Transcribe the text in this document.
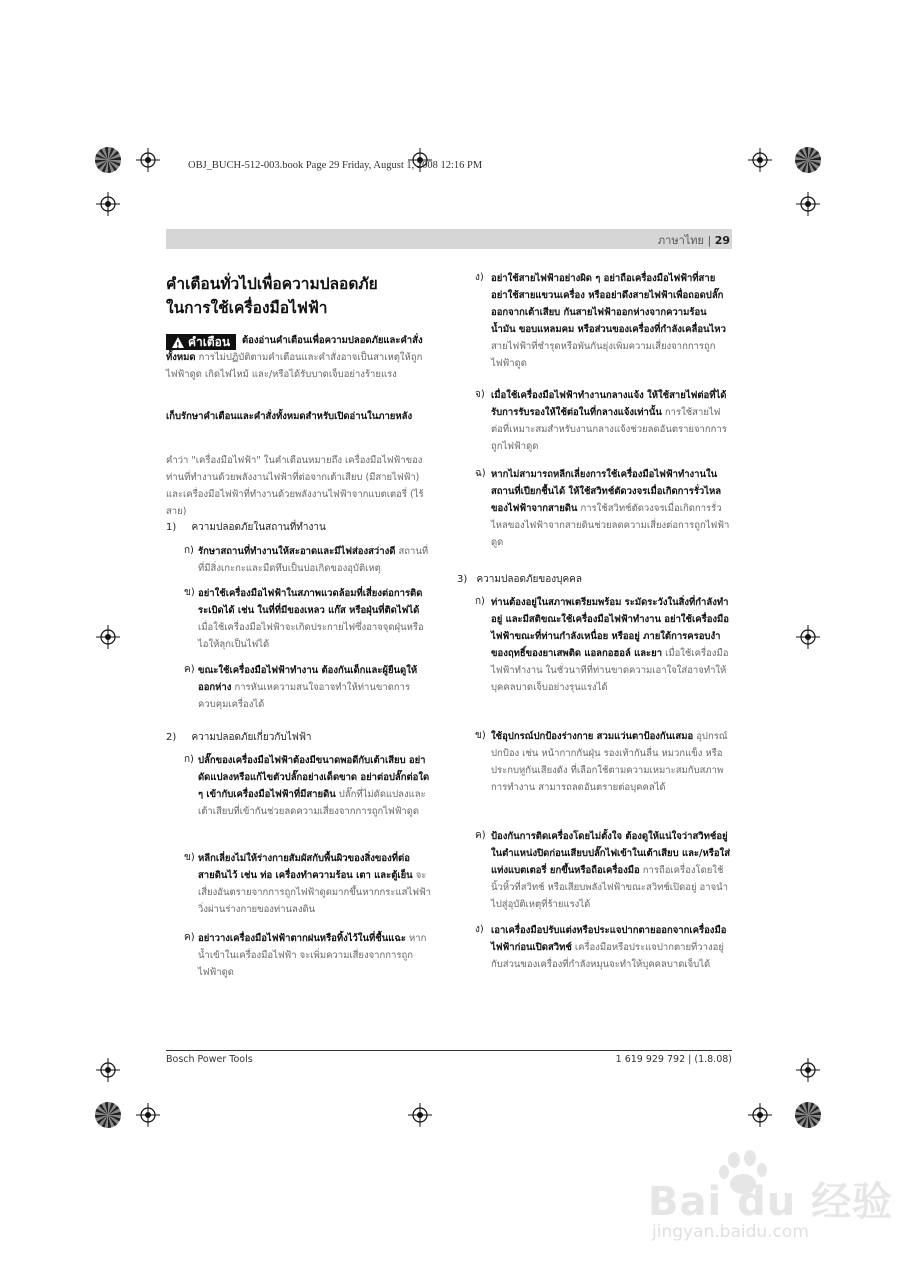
OBJ_BUCH-512-003.book Page 29 Friday, August 1, 2008 12:16 PM
ภาษาไทย | 29
คำเตือนทั่วไปเพื่อความปลอดภัย
ในการใช้เครื่องมือไฟฟ้า
!
คำเตือน	ต้องอ่านคำเตือนเพื่อความปลอดภัยและคำสั่งทั้งหมด การไม่ปฏิบัติตามคำเตือนและคำสั่งอาจเป็นสาเหตุให้ถูกไฟฟ้าดูด เกิดไฟไหม้ และ/หรือได้รับบาดเจ็บอย่างร้ายแรง
เก็บรักษาคำเตือนและคำสั่งทั้งหมดสำหรับเปิดอ่านในภายหลัง
คำว่า "เครื่องมือไฟฟ้า" ในคำเตือนหมายถึง เครื่องมือไฟฟ้าของท่านที่ทำงานด้วยพลังงานไฟฟ้าที่ต่อจากเต้าเสียบ (มีสายไฟฟ้า) และเครื่องมือไฟฟ้าที่ทำงานด้วยพลังงานไฟฟ้าจากแบตเตอรี่ (ไร้สาย)
1) ความปลอดภัยในสถานที่ทำงาน
ก) รักษาสถานที่ทำงานให้สะอาดและมีไฟส่องสว่างดี สถานที่ที่มีสิ่งเกะกะและมืดทึบเป็นบ่อเกิดของอุบัติเหตุ
ข) อย่าใช้เครื่องมือไฟฟ้าในสภาพแวดล้อมที่เสี่ยงต่อการติดระเบิดได้ เช่น ในที่ที่มีของเหลว แก๊ส หรือฝุ่นที่ติดไฟได้ เมื่อใช้เครื่องมือไฟฟ้าจะเกิดประกายไฟซึ่งอาจจุดฝุ่นหรือไอให้ลุกเป็นไฟได้
ค) ขณะใช้เครื่องมือไฟฟ้าทำงาน ต้องกันเด็กและผู้ยืนดูให้ออกห่าง การหันเหความสนใจอาจทำให้ท่านขาดการควบคุมเครื่องได้
2) ความปลอดภัยเกี่ยวกับไฟฟ้า
ก) ปลั๊กของเครื่องมือไฟฟ้าต้องมีขนาดพอดีกับเต้าเสียบ อย่าดัดแปลงหรือแก้ไขตัวปลั๊กอย่างเด็ดขาด อย่าต่อปลั๊กต่อใด ๆ เข้ากับเครื่องมือไฟฟ้าที่มีสายดิน ปลั๊กที่ไม่ดัดแปลงและเต้าเสียบที่เข้ากันช่วยลดความเสี่ยงจากการถูกไฟฟ้าดูด
ข) หลีกเลี่ยงไม่ให้ร่างกายสัมผัสกับพื้นผิวของสิ่งของที่ต่อสายดินไว้ เช่น ท่อ เครื่องทำความร้อน เตา และตู้เย็น จะเสี่ยงอันตรายจากการถูกไฟฟ้าดูดมากขึ้นหากกระแสไฟฟ้าวิ่งผ่านร่างกายของท่านลงดิน
ค) อย่าวางเครื่องมือไฟฟ้าตากฝนหรือทิ้งไว้ในที่ชื้นแฉะ หากน้ำเข้าในเครื่องมือไฟฟ้า จะเพิ่มความเสี่ยงจากการถูกไฟฟ้าดูด
ง) อย่าใช้สายไฟฟ้าอย่างผิด ๆ อย่าถือเครื่องมือไฟฟ้าที่สาย อย่าใช้สายแขวนเครื่อง หรืออย่าดึงสายไฟฟ้าเพื่อถอดปลั๊กออกจากเต้าเสียบ กันสายไฟฟ้าออกห่างจากความร้อน น้ำมัน ขอบแหลมคม หรือส่วนของเครื่องที่กำลังเคลื่อนไหว สายไฟฟ้าที่ชำรุดหรือพันกันยุ่งเพิ่มความเสี่ยงจากการถูกไฟฟ้าดูด
จ) เมื่อใช้เครื่องมือไฟฟ้าทำงานกลางแจ้ง ให้ใช้สายไฟต่อที่ได้รับการรับรองให้ใช้ต่อในที่กลางแจ้งเท่านั้น การใช้สายไฟต่อที่เหมาะสมสำหรับงานกลางแจ้งช่วยลดอันตรายจากการถูกไฟฟ้าดูด
ฉ) หากไม่สามารถหลีกเลี่ยงการใช้เครื่องมือไฟฟ้าทำงานในสถานที่เปียกชื้นได้ ให้ใช้สวิทช์ตัดวงจรเมื่อเกิดการรั่วไหลของไฟฟ้าจากสายดิน การใช้สวิทช์ตัดวงจรเมื่อเกิดการรั่วไหลของไฟฟ้าจากสายดินช่วยลดความเสี่ยงต่อการถูกไฟฟ้าดูด
3) ความปลอดภัยของบุคคล
ก) ท่านต้องอยู่ในสภาพเตรียมพร้อม ระมัดระวังในสิ่งที่กำลังทำอยู่ และมีสติขณะใช้เครื่องมือไฟฟ้าทำงาน อย่าใช้เครื่องมือไฟฟ้าขณะที่ท่านกำลังเหนื่อย หรืออยู่ ภายใต้การครอบงำของฤทธิ์ของยาเสพติด แอลกอฮอล์ และยา เมื่อใช้เครื่องมือไฟฟ้าทำงาน ในชั่วนาทีที่ท่านขาดความเอาใจใส่อาจทำให้บุคคลบาดเจ็บอย่างรุนแรงได้
ข) ใช้อุปกรณ์ปกป้องร่างกาย สวมแว่นตาป้องกันเสมอ อุปกรณ์ปกป้อง เช่น หน้ากากกันฝุ่น รองเท้ากันลื่น หมวกแข็ง หรือประกบหูกันเสียงดัง ที่เลือกใช้ตามความเหมาะสมกับสภาพการทำงาน สามารถลดอันตรายต่อบุคคลได้
ค) ป้องกันการติดเครื่องโดยไม่ตั้งใจ ต้องดูให้แน่ใจว่าสวิทช์อยู่ในตำแหน่งปิดก่อนเสียบปลั๊กไฟเข้าในเต้าเสียบ และ/หรือใส่แท่งแบตเตอรี่ ยกขึ้นหรือถือเครื่องมือ การถือเครื่องโดยใช้นิ้วหิ้วที่สวิทช์ หรือเสียบพลังไฟฟ้าขณะสวิทช์เปิดอยู่ อาจนำไปสู่อุบัติเหตุที่ร้ายแรงได้
ง) เอาเครื่องมือปรับแต่งหรือประแจปากตายออกจากเครื่องมือไฟฟ้าก่อนเปิดสวิทช์ เครื่องมือหรือประแจปากตายที่วางอยู่กับส่วนของเครื่องที่กำลังหมุนจะทำให้บุคคลบาดเจ็บได้
Bosch Power Tools	1 619 929 792 | (1.8.08)
Bai du 经验
jingyan.baidu.com
